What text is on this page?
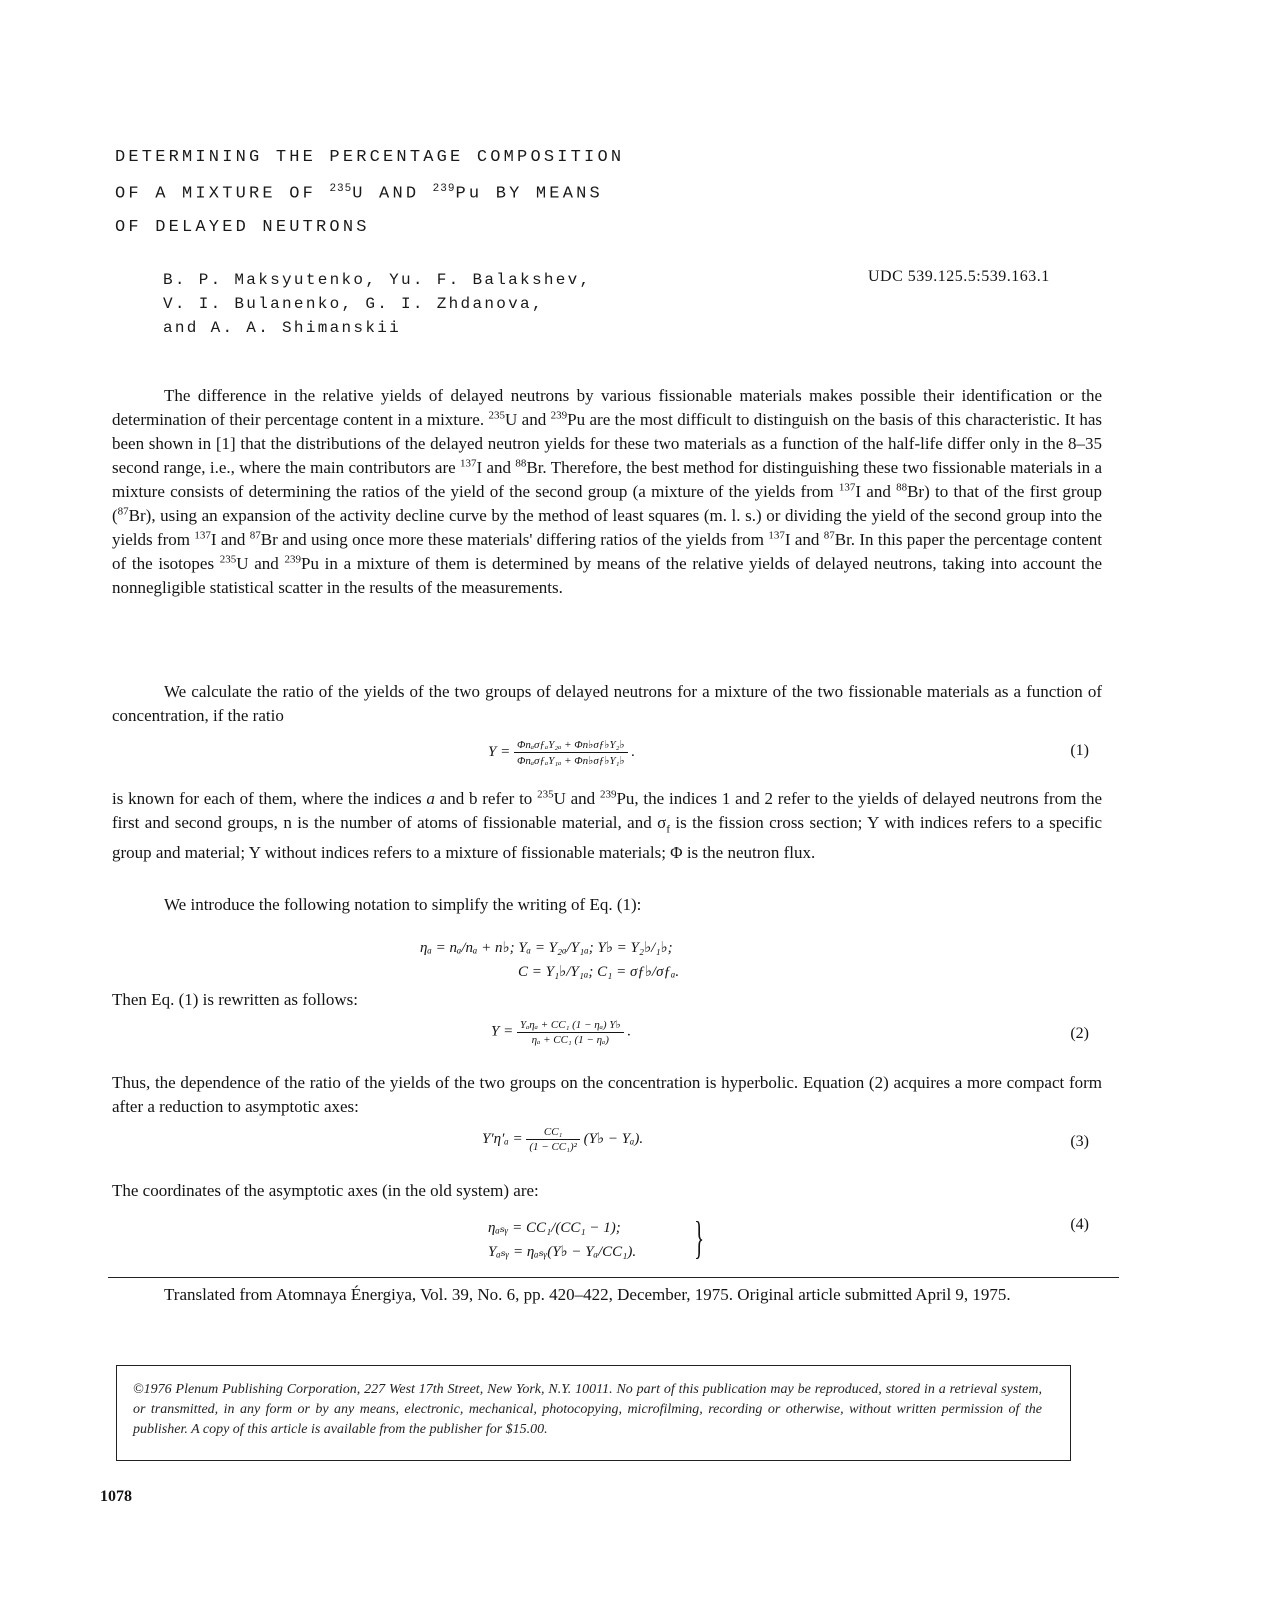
DETERMINING THE PERCENTAGE COMPOSITION
OF A MIXTURE OF $^{235}$U AND $^{239}$Pu BY MEANS
OF DELAYED NEUTRONS
B. P. Maksyutenko, Yu. F. Balakshev,
V. I. Bulanenko, G. I. Zhdanova,
and A. A. Shimanskii
UDC 539.125.5:539.163.1

The difference in the relative yields of delayed neutrons by various fissionable materials makes possible their identification or the determination of their percentage content in a mixture. $^{235}$U and $^{239}$Pu are the most difficult to distinguish on the basis of this characteristic. It has been shown in [1] that the distributions of the delayed neutron yields for these two materials as a function of the half-life differ only in the 8–35 second range, i.e., where the main contributors are $^{137}$I and $^{88}$Br. Therefore, the best method for distinguishing these two fissionable materials in a mixture consists of determining the ratios of the yield of the second group (a mixture of the yields from $^{137}$I and $^{88}$Br) to that of the first group ($^{87}$Br), using an expansion of the activity decline curve by the method of least squares (m. l. s.) or dividing the yield of the second group into the yields from $^{137}$I and $^{87}$Br and using once more these materials' differing ratios of the yields from $^{137}$I and $^{87}$Br. In this paper the percentage content of the isotopes $^{235}$U and $^{239}$Pu in a mixture of them is determined by means of the relative yields of delayed neutrons, taking into account the nonnegligible statistical scatter in the results of the measurements.

We calculate the ratio of the yields of the two groups of delayed neutrons for a mixture of the two fissionable materials as a function of concentration, if the ratio

$Y = \frac{\text{ΦnₐσƒₐY₂ₐ + Φn♭σƒ♭Y₂♭}}{\text{ΦnₐσƒₐY₁ₐ + Φn♭σƒ♭Y₁♭}}$ .	(1)

is known for each of them, where the indices a and b refer to $^{235}$U and $^{239}$Pu, the indices 1 and 2 refer to the yields of delayed neutrons from the first and second groups, n is the number of atoms of fissionable material, and $\sigma_f$ is the fission cross section; Y with indices refers to a specific group and material; Y without indices refers to a mixture of fissionable materials; Φ is the neutron flux.

We introduce the following notation to simplify the writing of Eq. (1):

ηₐ = nₐ/nₐ + n♭; Yₐ = Y₂ₐ/Y₁ₐ; Y♭ = Y₂♭/₁♭;
C = Y₁♭/Y₁ₐ; C₁ = σƒ♭/σƒₐ.

Then Eq. (1) is rewritten as follows:

$Y = \frac{\text{Yₐηₐ + CC₁ (1 − ηₐ) Y♭}}{\text{ηₐ + CC₁ (1 − ηₐ)}}$ .	(2)

Thus, the dependence of the ratio of the yields of the two groups on the concentration is hyperbolic. Equation (2) acquires a more compact form after a reduction to asymptotic axes:

$Y'\eta'_a = \frac{\text{CC₁}}{\text{(1 − CC₁)²}}$ (Y♭ − Yₐ).	(3)

The coordinates of the asymptotic axes (in the old system) are:

ηₐₛᵧ = CC₁/(CC₁ − 1);
Yₐₛᵧ = ηₐₛᵧ(Y♭ − Yₐ/CC₁). }	(4)

Translated from Atomnaya Énergiya, Vol. 39, No. 6, pp. 420–422, December, 1975. Original article submitted April 9, 1975.

©1976 Plenum Publishing Corporation, 227 West 17th Street, New York, N.Y. 10011. No part of this publication may be reproduced, stored in a retrieval system, or transmitted, in any form or by any means, electronic, mechanical, photocopying, microfilming, recording or otherwise, without written permission of the publisher. A copy of this article is available from the publisher for $15.00.
1078
